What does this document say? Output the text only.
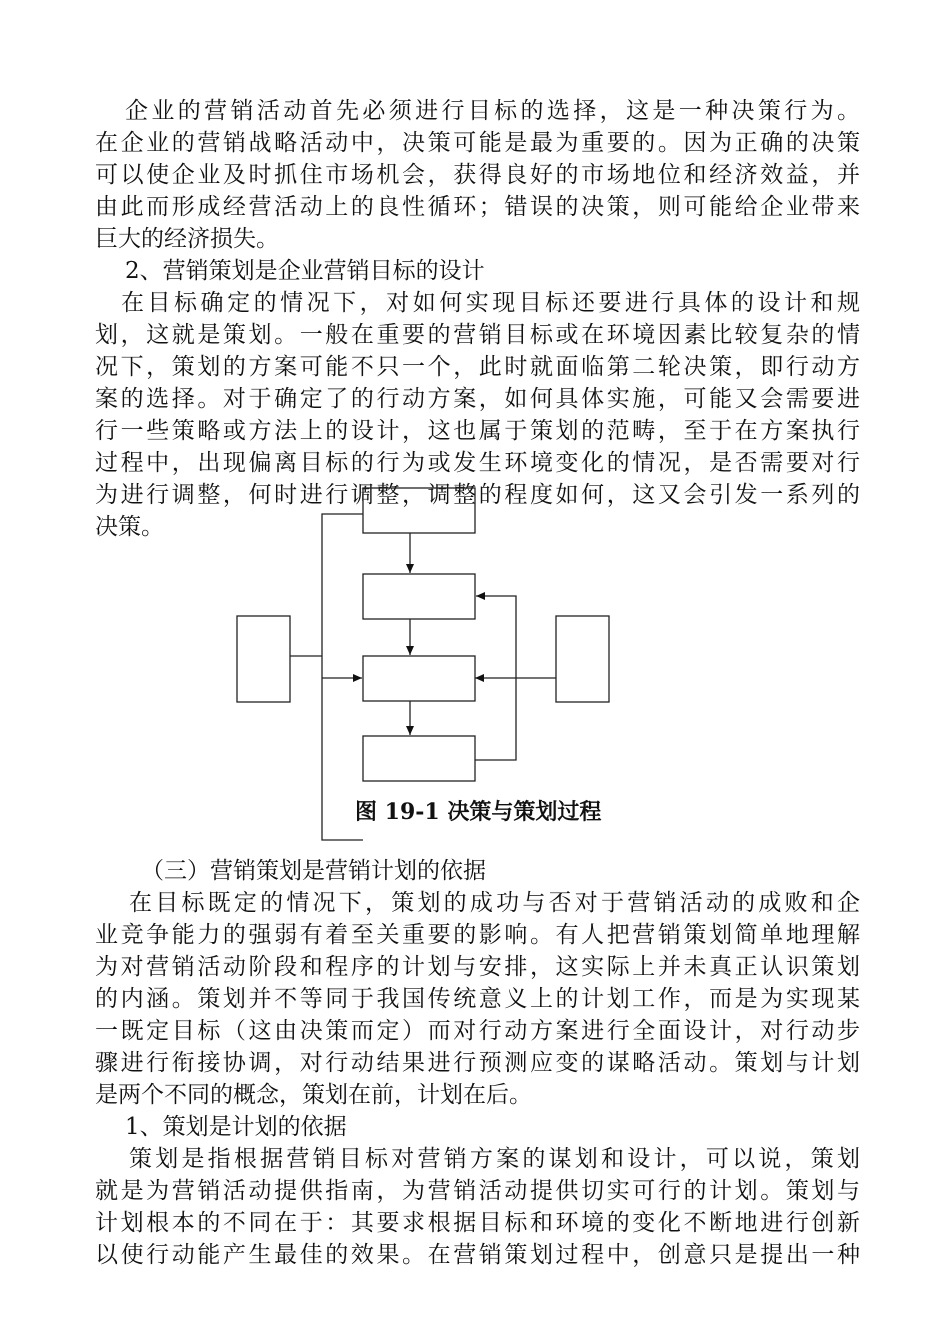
企业的营销活动首先必须进行目标的选择，这是一种决策行为。
在企业的营销战略活动中，决策可能是最为重要的。因为正确的决策
可以使企业及时抓住市场机会，获得良好的市场地位和经济效益，并
由此而形成经营活动上的良性循环；错误的决策，则可能给企业带来
巨大的经济损失。
2、营销策划是企业营销目标的设计
在目标确定的情况下，对如何实现目标还要进行具体的设计和规
划，这就是策划。一般在重要的营销目标或在环境因素比较复杂的情
况下，策划的方案可能不只一个，此时就面临第二轮决策，即行动方
案的选择。对于确定了的行动方案，如何具体实施，可能又会需要进
行一些策略或方法上的设计，这也属于策划的范畴，至于在方案执行
过程中，出现偏离目标的行为或发生环境变化的情况，是否需要对行
为进行调整，何时进行调整，调整的程度如何，这又会引发一系列的
决策。
图 19-1 决策与策划过程
（三）营销策划是营销计划的依据
在目标既定的情况下，策划的成功与否对于营销活动的成败和企
业竞争能力的强弱有着至关重要的影响。有人把营销策划简单地理解
为对营销活动阶段和程序的计划与安排，这实际上并未真正认识策划
的内涵。策划并不等同于我国传统意义上的计划工作，而是为实现某
一既定目标（这由决策而定）而对行动方案进行全面设计，对行动步
骤进行衔接协调，对行动结果进行预测应变的谋略活动。策划与计划
是两个不同的概念，策划在前，计划在后。
1、策划是计划的依据
策划是指根据营销目标对营销方案的谋划和设计，可以说，策划
就是为营销活动提供指南，为营销活动提供切实可行的计划。策划与
计划根本的不同在于：其要求根据目标和环境的变化不断地进行创新
以使行动能产生最佳的效果。在营销策划过程中，创意只是提出一种
